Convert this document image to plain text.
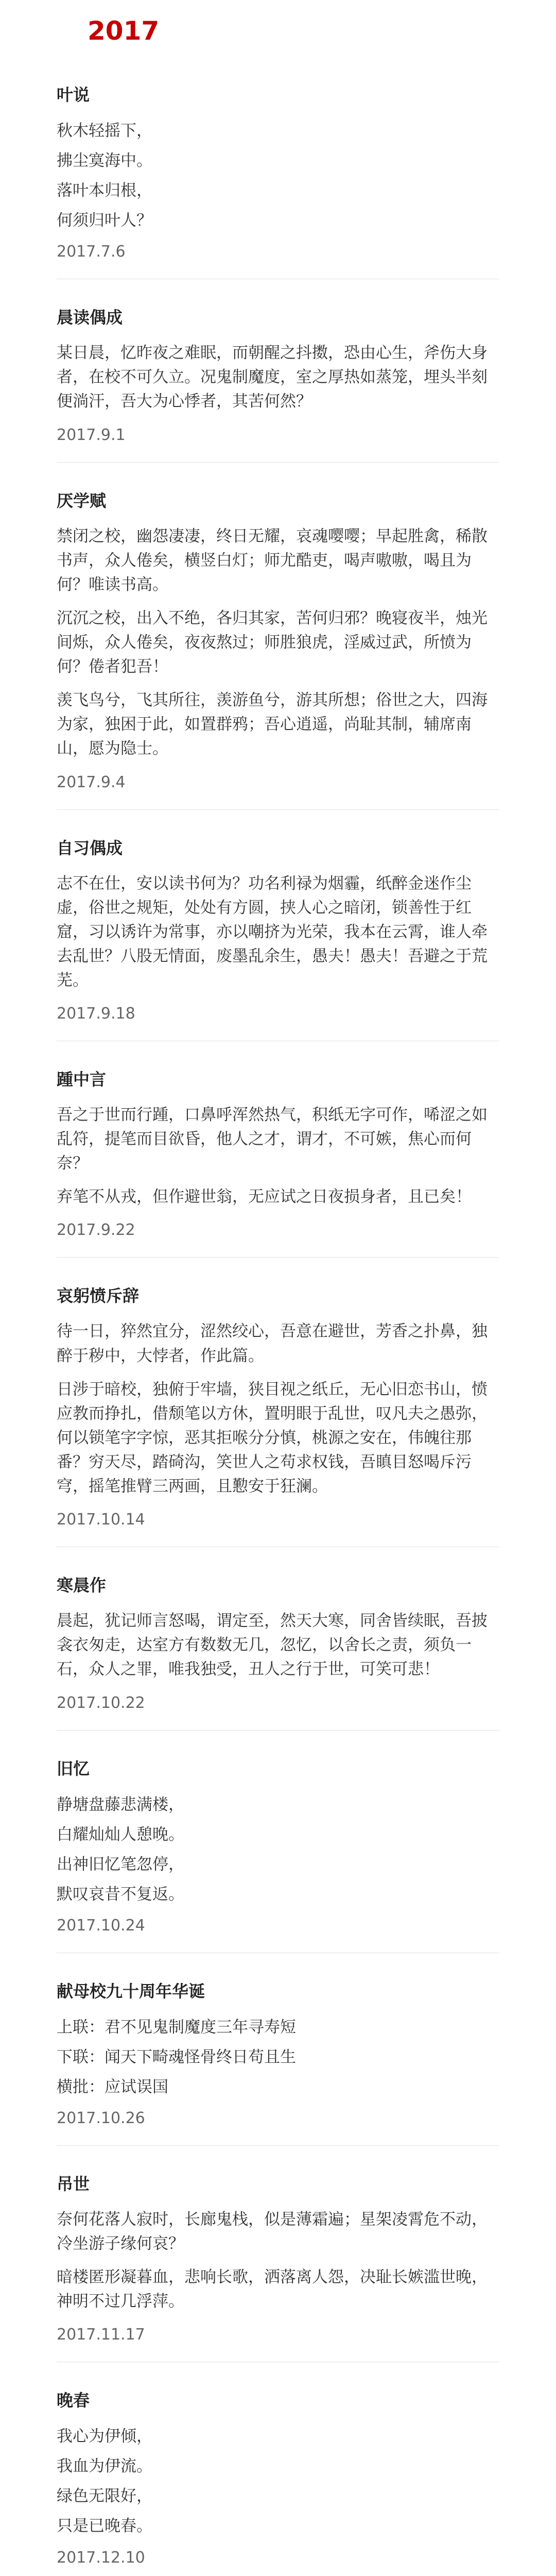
2017
叶说
秋木轻摇下，
拂尘寞海中。
落叶本归根，
何须归叶人？
2017.7.6
晨读偶成
某日晨，忆昨夜之难眠，而朝醒之抖擞，恐由心生，斧伤大身者，在校不可久立。况鬼制魔度，室之厚热如蒸笼，埋头半刻便淌汗，吾大为心悸者，其苦何然？
2017.9.1
厌学赋
禁闭之校，幽怨凄凄，终日无耀，哀魂嘤嘤；早起胜禽，稀散书声，众人倦矣，横竖白灯；师尤酷吏，喝声嗷嗷，喝且为何？唯读书高。
沉沉之校，出入不绝，各归其家，苦何归邪？晚寝夜半，烛光间烁，众人倦矣，夜夜熬过；师胜狼虎，淫威过武，所愤为何？倦者犯吾！
羡飞鸟兮，飞其所往，羡游鱼兮，游其所想；俗世之大，四海为家，独困于此，如置群鸦；吾心逍遥，尚耻其制，辅席南山，愿为隐士。
2017.9.4
自习偶成
志不在仕，安以读书何为？功名利禄为烟霾，纸醉金迷作尘虚，俗世之规矩，处处有方圆，挟人心之暗闭，锁善性于红窟，习以诱许为常事，亦以嘲挤为光荣，我本在云霄，谁人牵去乱世？八股无情面，废墨乱余生，愚夫！愚夫！吾避之于荒芜。
2017.9.18
踵中言
吾之于世而行踵，口鼻呼浑然热气，积纸无字可作，唏涩之如乱符，提笔而目欲昏，他人之才，谓才，不可嫉，焦心而何奈？
弃笔不从戎，但作避世翁，无应试之日夜损身者，且已矣！
2017.9.22
哀躬愤斥辞
待一日，猝然宜分，涩然绞心，吾意在避世，芳香之扑鼻，独醉于秽中，大悖者，作此篇。
日涉于暗校，独俯于牢墙，狭目视之纸丘，无心旧恋书山，愤应教而挣扎，借颓笔以方休，置明眼于乱世，叹凡夫之愚弥，何以锁笔字字惊，恶其拒喉分分慎，桃源之安在，伟魄往那番？穷天尽，踏碕沟，笑世人之苟求权钱，吾瞋目怒喝斥污穹，摇笔推臂三两画，且懃安于狂澜。
2017.10.14
寒晨作
晨起，犹记师言怒喝，谓定至，然天大寒，同舍皆续眠，吾披衾衣匆走，达室方有数数无几，忽忆，以舍长之责，须负一石，众人之罪，唯我独受，丑人之行于世，可笑可悲！
2017.10.22
旧忆
静塘盘藤悲满楼，
白耀灿灿人憩晚。
出神旧忆笔忽停，
默叹哀昔不复返。
2017.10.24
献母校九十周年华诞
上联：君不见鬼制魔度三年寻寿短
下联：闻天下畸魂怪骨终日苟且生
横批：应试误国
2017.10.26
吊世
奈何花落人寂时，长廊鬼栈，似是薄霜遍；星架凌霄危不动，冷坐游子缘何哀？
暗楼匿形凝暮血，悲响长歌，洒落离人怨，决耻长嫉滥世晚，神明不过几浮萍。
2017.11.17
晚春
我心为伊倾，
我血为伊流。
绿色无限好，
只是已晚春。
2017.12.10
